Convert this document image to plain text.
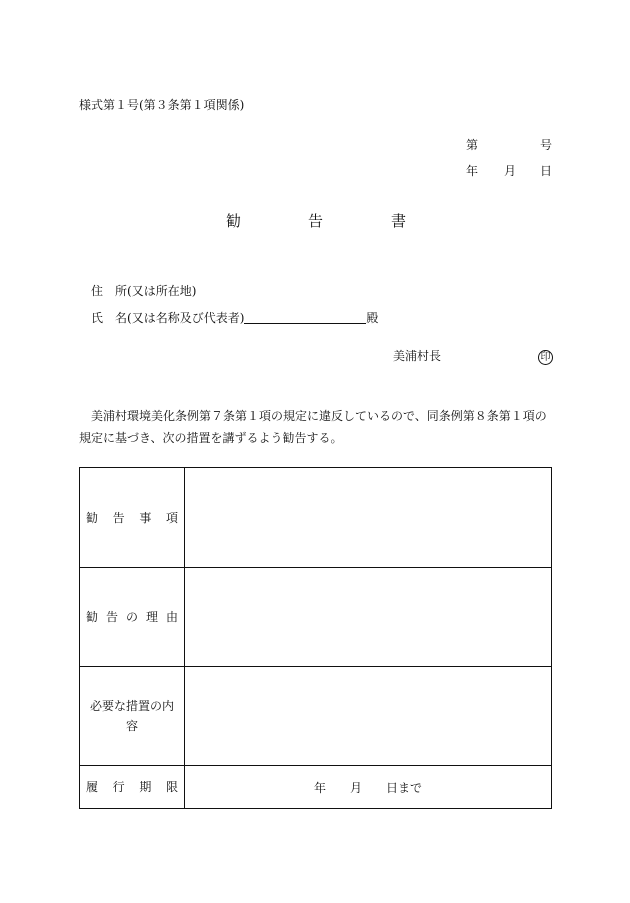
様式第１号(第３条第１項関係)
第	号
年 月 日
勧	告	書
住 所(又は所在地)
氏 名(又は名称及び代表者)	殿
美浦村長	印
美浦村環境美化条例第７条第１項の規定に違反しているので、同条例第８条第１項の
規定に基づき、次の措置を講ずるよう勧告する。
勧 告 事 項	

勧 告 の 理 由	

必要な措置の内
容	

履 行 期 限	年 月 日まで
